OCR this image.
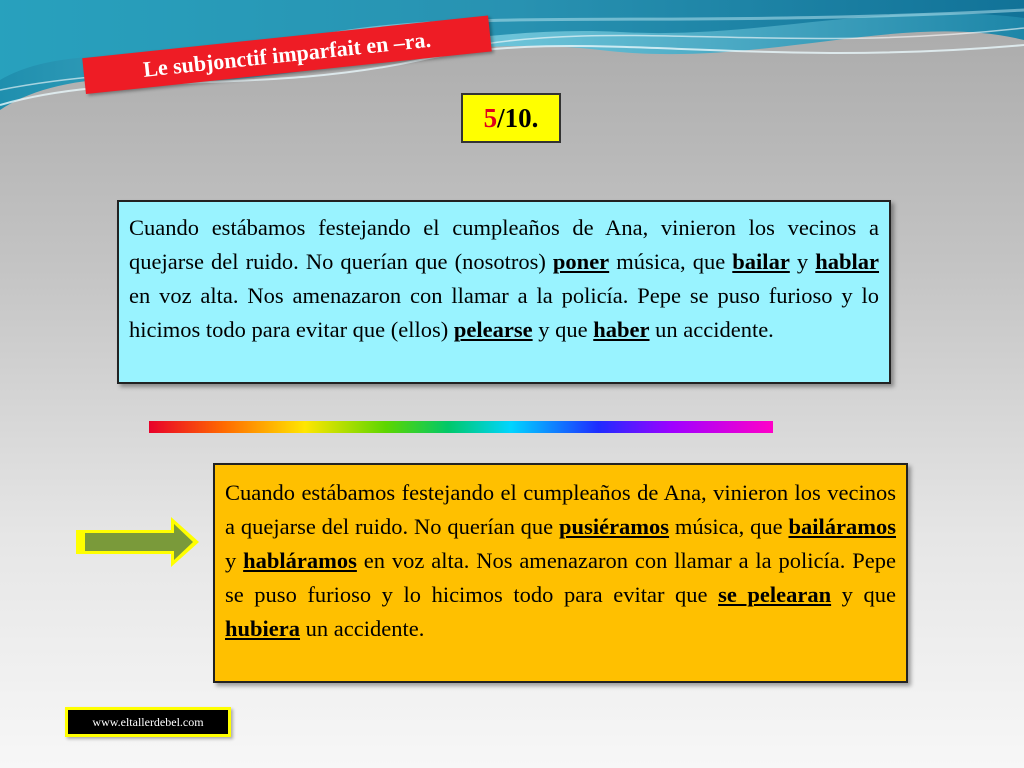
Le subjonctif imparfait en –ra.
5 /10.
Cuando estábamos festejando el cumpleaños de Ana, vinieron los vecinos a quejarse del ruido. No querían que (nosotros) poner música, que bailar y hablar en voz alta. Nos amenazaron con llamar a la policía. Pepe se puso furioso y lo hicimos todo para evitar que (ellos) pelearse y que haber un accidente.
Cuando estábamos festejando el cumpleaños de Ana, vinieron los vecinos a quejarse del ruido. No querían que pusiéramos música, que bailáramos y habláramos en voz alta. Nos amenazaron con llamar a la policía. Pepe se puso furioso y lo hicimos todo para evitar que se pelearan y que hubiera un accidente.
www.eltallerdebel.com
